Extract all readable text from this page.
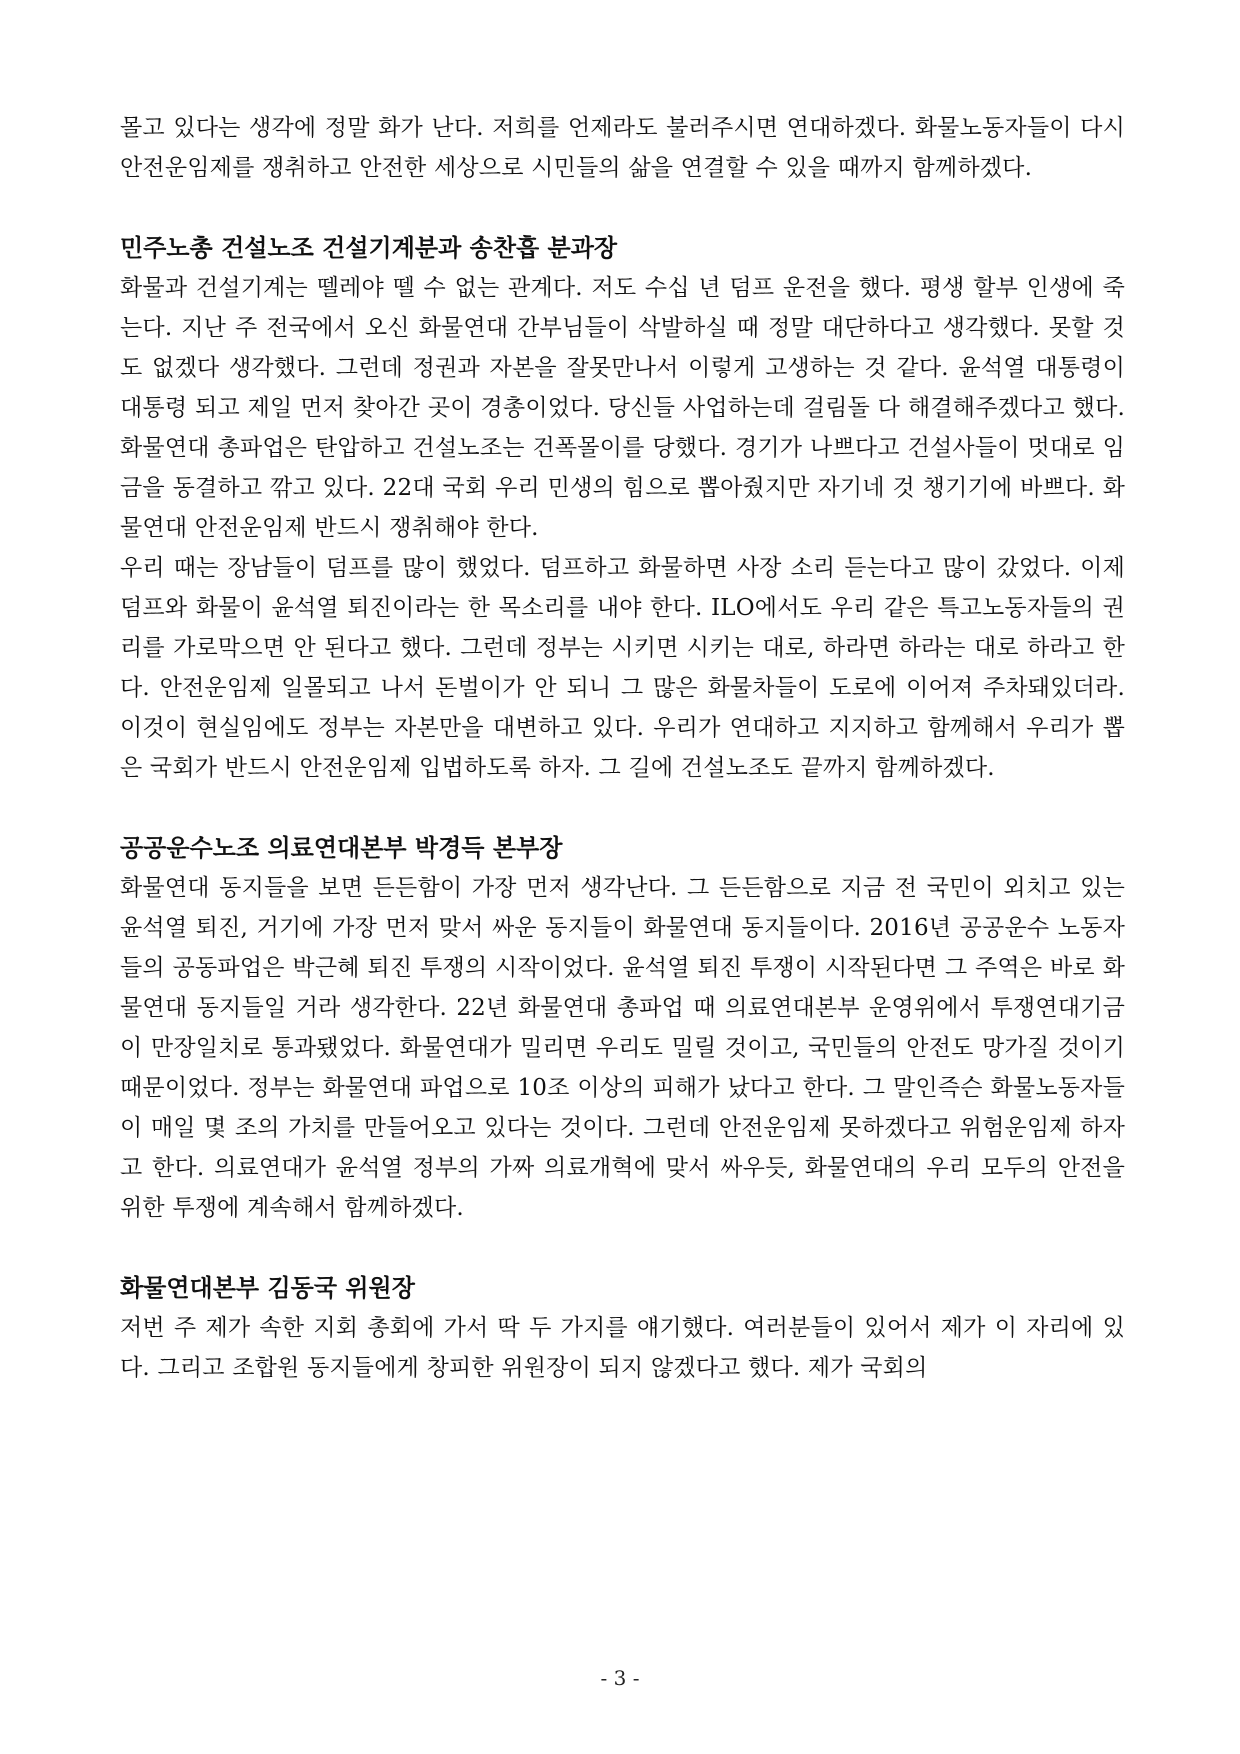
몰고 있다는 생각에 정말 화가 난다. 저희를 언제라도 불러주시면 연대하겠다. 화물노동자들이 다시 안전운임제를 쟁취하고 안전한 세상으로 시민들의 삶을 연결할 수 있을 때까지 함께하겠다.

민주노총 건설노조 건설기계분과 송찬흡 분과장

화물과 건설기계는 뗄레야 뗄 수 없는 관계다. 저도 수십 년 덤프 운전을 했다. 평생 할부 인생에 죽는다. 지난 주 전국에서 오신 화물연대 간부님들이 삭발하실 때 정말 대단하다고 생각했다. 못할 것도 없겠다 생각했다. 그런데 정권과 자본을 잘못만나서 이렇게 고생하는 것 같다. 윤석열 대통령이 대통령 되고 제일 먼저 찾아간 곳이 경총이었다. 당신들 사업하는데 걸림돌 다 해결해주겠다고 했다. 화물연대 총파업은 탄압하고 건설노조는 건폭몰이를 당했다. 경기가 나쁘다고 건설사들이 멋대로 임금을 동결하고 깎고 있다. 22대 국회 우리 민생의 힘으로 뽑아줬지만 자기네 것 챙기기에 바쁘다. 화물연대 안전운임제 반드시 쟁취해야 한다.

우리 때는 장남들이 덤프를 많이 했었다. 덤프하고 화물하면 사장 소리 듣는다고 많이 갔었다. 이제 덤프와 화물이 윤석열 퇴진이라는 한 목소리를 내야 한다. ILO에서도 우리 같은 특고노동자들의 권리를 가로막으면 안 된다고 했다. 그런데 정부는 시키면 시키는 대로, 하라면 하라는 대로 하라고 한다. 안전운임제 일몰되고 나서 돈벌이가 안 되니 그 많은 화물차들이 도로에 이어져 주차돼있더라. 이것이 현실임에도 정부는 자본만을 대변하고 있다. 우리가 연대하고 지지하고 함께해서 우리가 뽑은 국회가 반드시 안전운임제 입법하도록 하자. 그 길에 건설노조도 끝까지 함께하겠다.

공공운수노조 의료연대본부 박경득 본부장

화물연대 동지들을 보면 든든함이 가장 먼저 생각난다. 그 든든함으로 지금 전 국민이 외치고 있는 윤석열 퇴진, 거기에 가장 먼저 맞서 싸운 동지들이 화물연대 동지들이다. 2016년 공공운수 노동자들의 공동파업은 박근혜 퇴진 투쟁의 시작이었다. 윤석열 퇴진 투쟁이 시작된다면 그 주역은 바로 화물연대 동지들일 거라 생각한다. 22년 화물연대 총파업 때 의료연대본부 운영위에서 투쟁연대기금이 만장일치로 통과됐었다. 화물연대가 밀리면 우리도 밀릴 것이고, 국민들의 안전도 망가질 것이기 때문이었다. 정부는 화물연대 파업으로 10조 이상의 피해가 났다고 한다. 그 말인즉슨 화물노동자들이 매일 몇 조의 가치를 만들어오고 있다는 것이다. 그런데 안전운임제 못하겠다고 위험운임제 하자고 한다. 의료연대가 윤석열 정부의 가짜 의료개혁에 맞서 싸우듯, 화물연대의 우리 모두의 안전을 위한 투쟁에 계속해서 함께하겠다.

화물연대본부 김동국 위원장

저번 주 제가 속한 지회 총회에 가서 딱 두 가지를 얘기했다. 여러분들이 있어서 제가 이 자리에 있다. 그리고 조합원 동지들에게 창피한 위원장이 되지 않겠다고 했다. 제가 국회의

- 3 -
